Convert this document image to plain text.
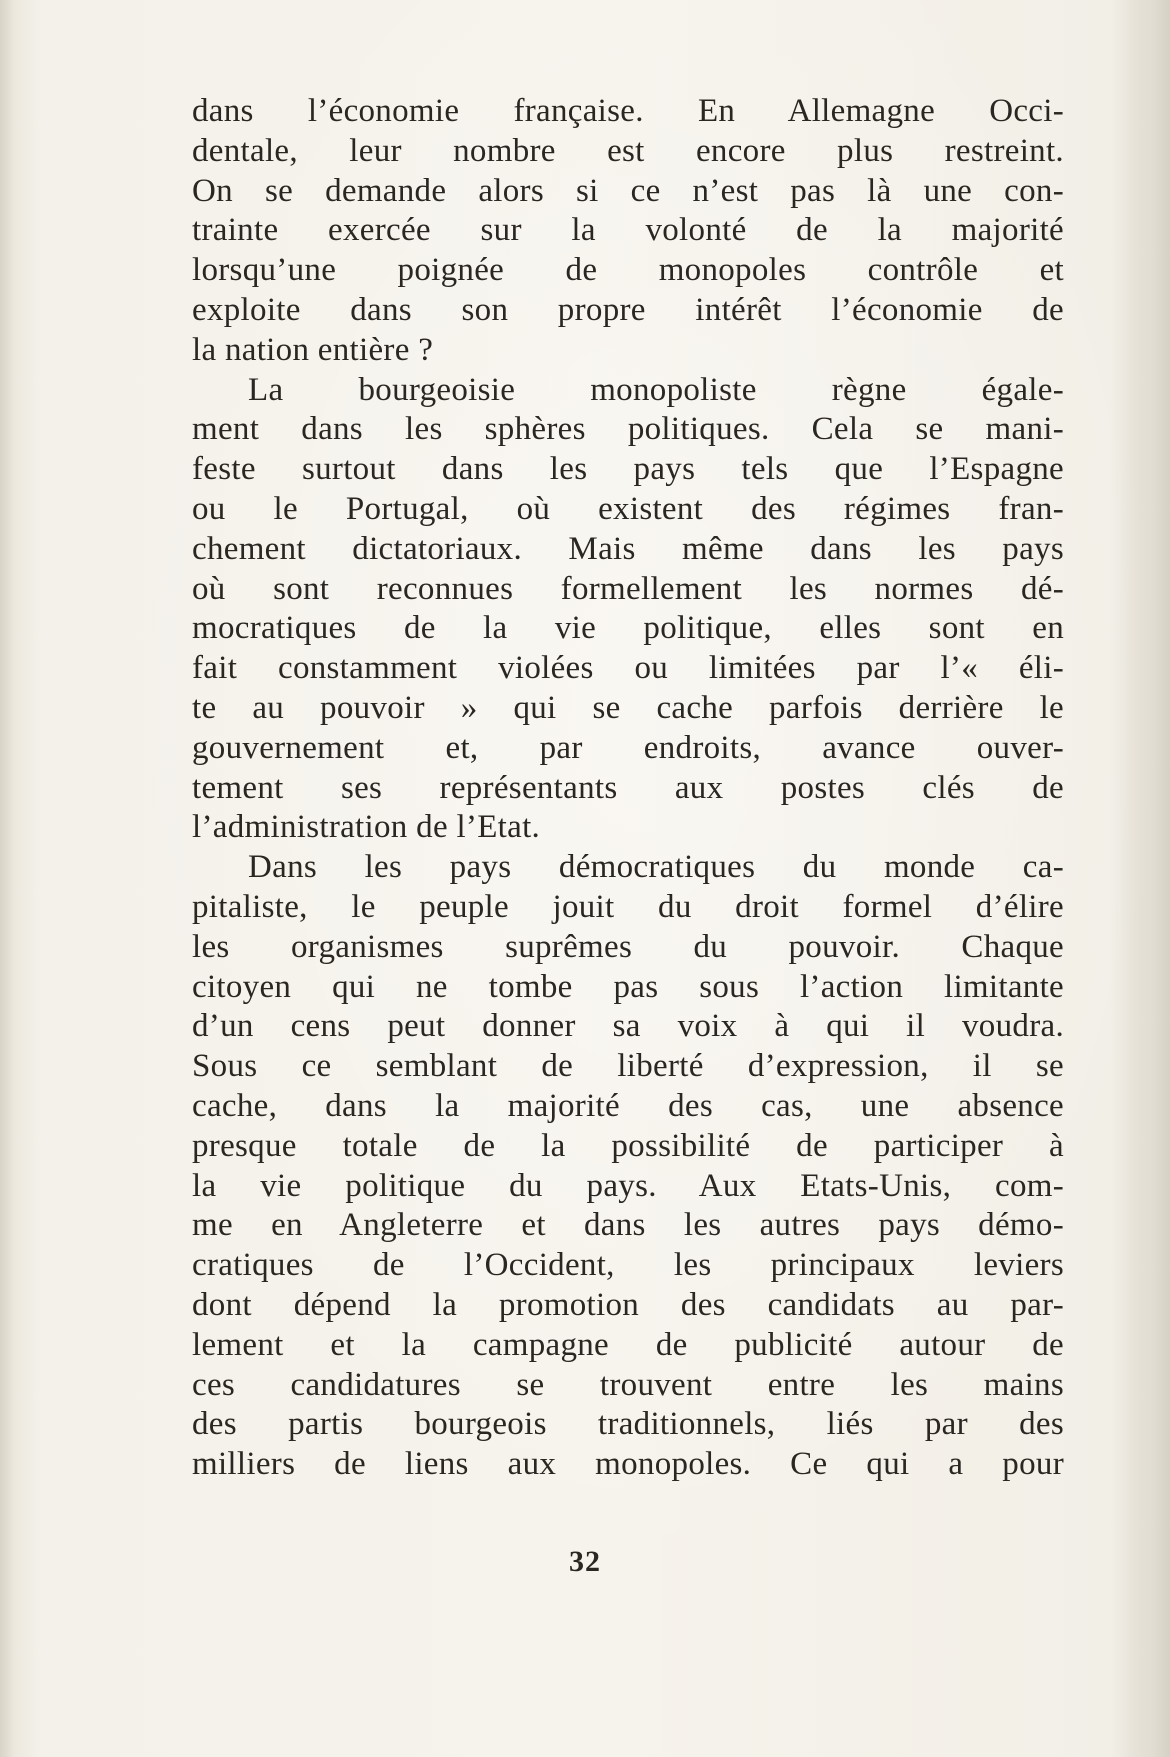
dans l’économie française. En Allemagne Occi-
dentale, leur nombre est encore plus restreint.
On se demande alors si ce n’est pas là une con-
trainte exercée sur la volonté de la majorité
lorsqu’une poignée de monopoles contrôle et
exploite dans son propre intérêt l’économie de
la nation entière ?
La bourgeoisie monopoliste règne égale-
ment dans les sphères politiques. Cela se mani-
feste surtout dans les pays tels que l’Espagne
ou le Portugal, où existent des régimes fran-
chement dictatoriaux. Mais même dans les pays
où sont reconnues formellement les normes dé-
mocratiques de la vie politique, elles sont en
fait constamment violées ou limitées par l’« éli-
te au pouvoir » qui se cache parfois derrière le
gouvernement et, par endroits, avance ouver-
tement ses représentants aux postes clés de
l’administration de l’Etat.
Dans les pays démocratiques du monde ca-
pitaliste, le peuple jouit du droit formel d’élire
les organismes suprêmes du pouvoir. Chaque
citoyen qui ne tombe pas sous l’action limitante
d’un cens peut donner sa voix à qui il voudra.
Sous ce semblant de liberté d’expression, il se
cache, dans la majorité des cas, une absence
presque totale de la possibilité de participer à
la vie politique du pays. Aux Etats-Unis, com-
me en Angleterre et dans les autres pays démo-
cratiques de l’Occident, les principaux leviers
dont dépend la promotion des candidats au par-
lement et la campagne de publicité autour de
ces candidatures se trouvent entre les mains
des partis bourgeois traditionnels, liés par des
milliers de liens aux monopoles. Ce qui a pour
32
